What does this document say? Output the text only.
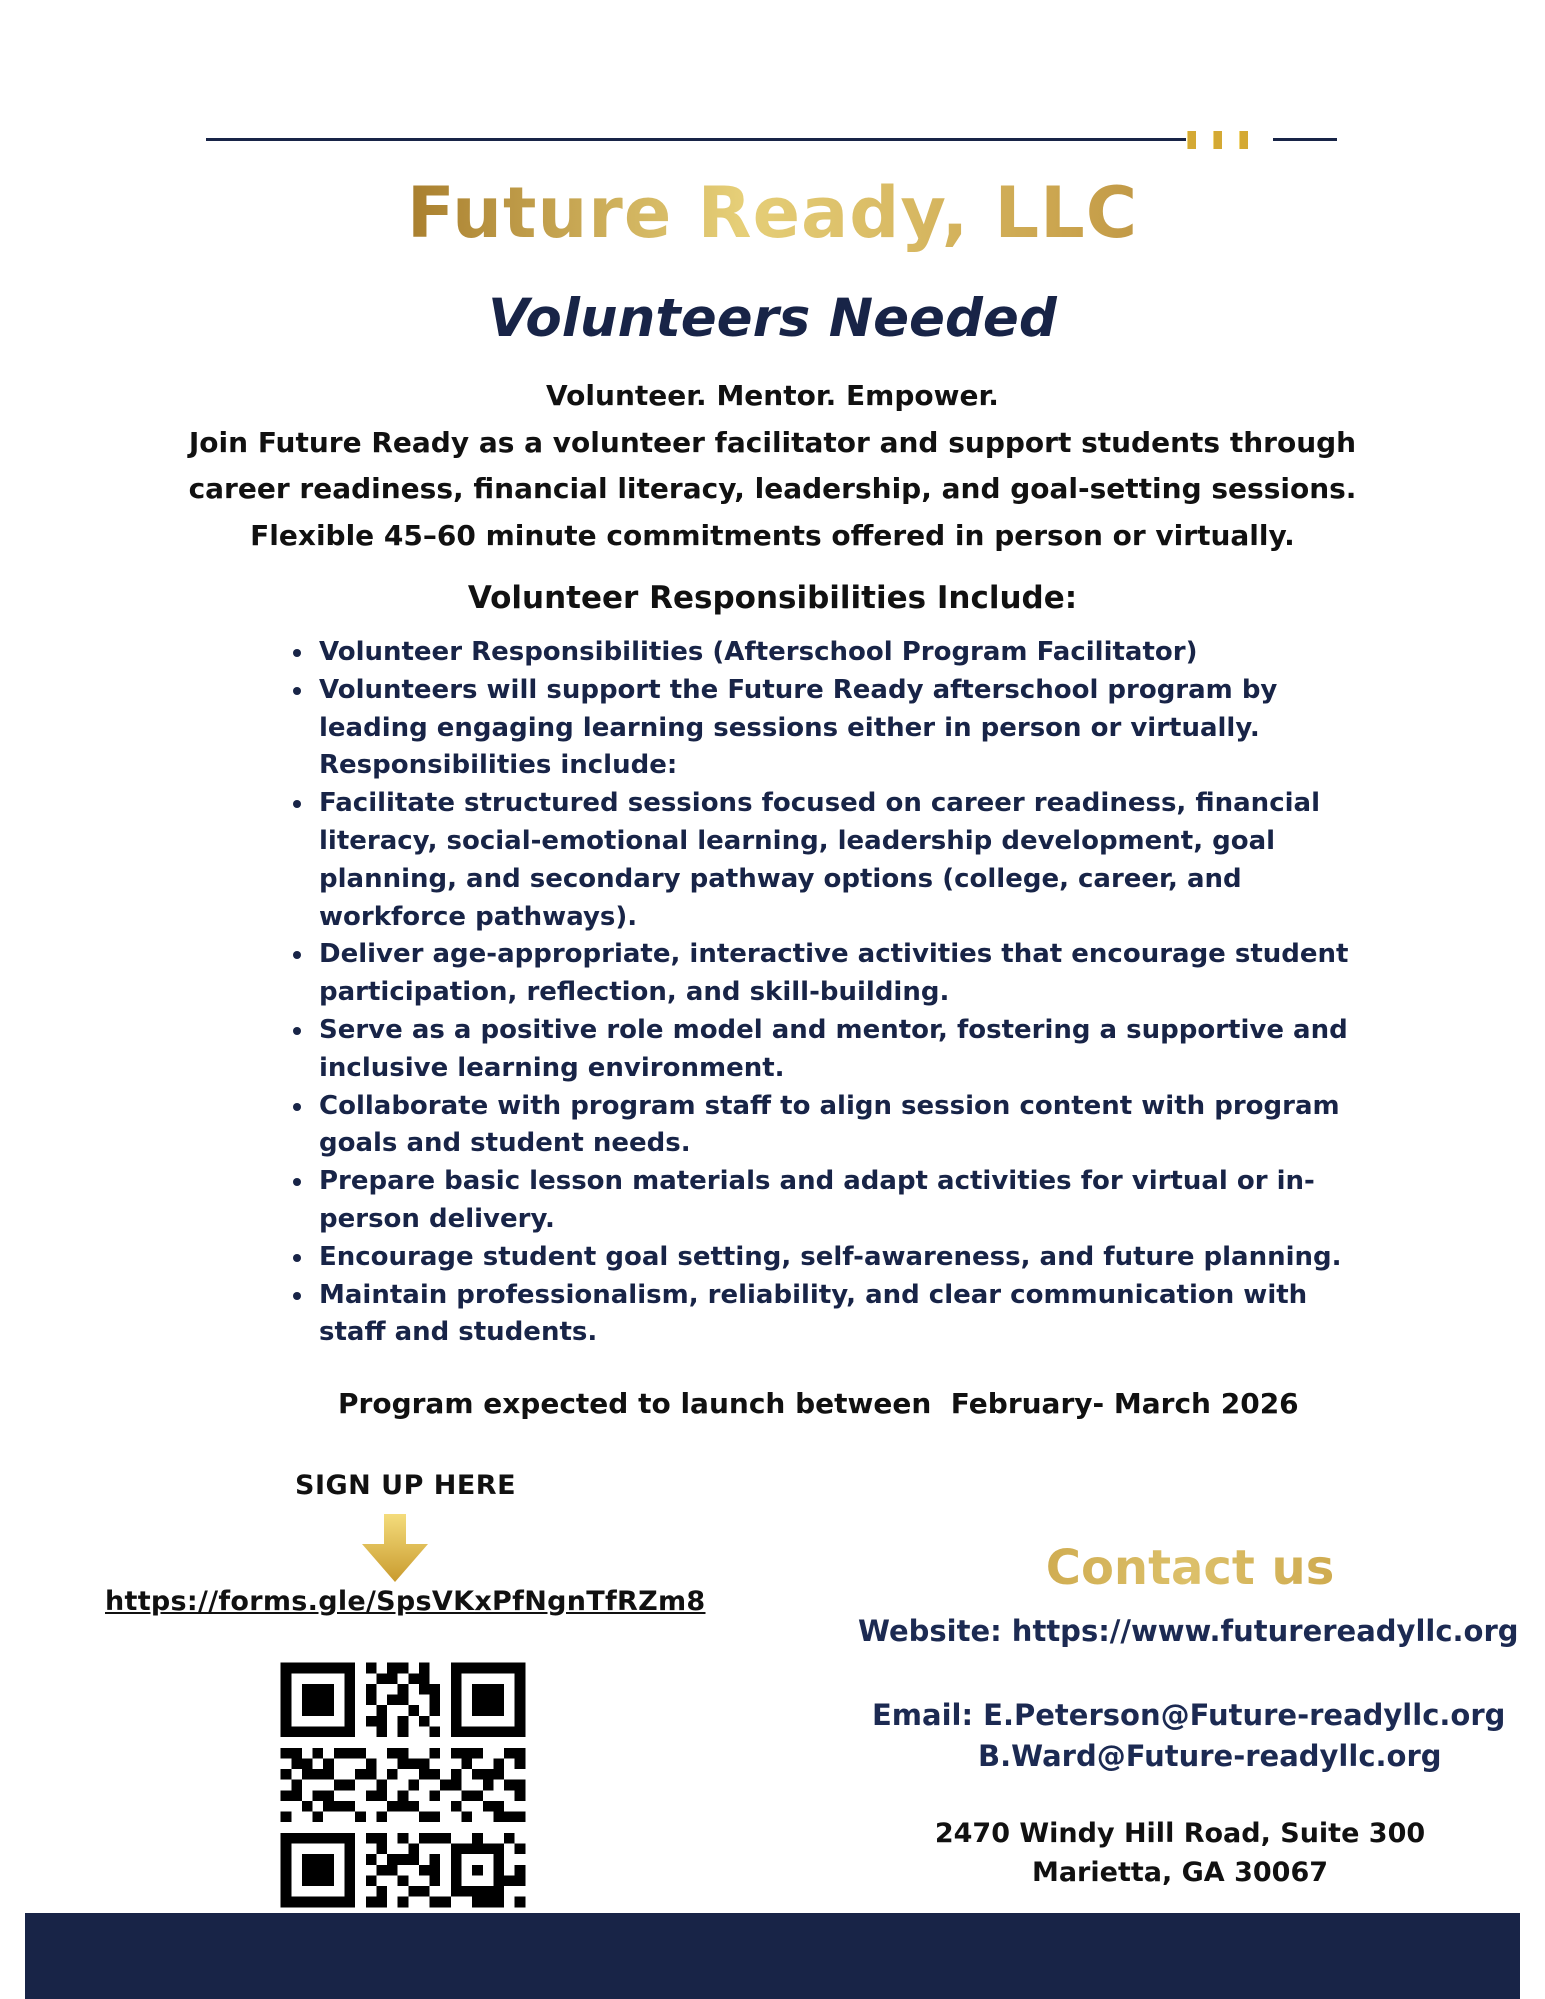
Future Ready, LLC
Volunteers Needed
Volunteer. Mentor. Empower.
Join Future Ready as a volunteer facilitator and support students through
career readiness, financial literacy, leadership, and goal-setting sessions.
Flexible 45–60 minute commitments offered in person or virtually.
Volunteer Responsibilities Include:
• Volunteer Responsibilities (Afterschool Program Facilitator)
• Volunteers will support the Future Ready afterschool program by leading engaging learning sessions either in person or virtually. Responsibilities include:
• Facilitate structured sessions focused on career readiness, financial literacy, social-emotional learning, leadership development, goal planning, and secondary pathway options (college, career, and workforce pathways).
• Deliver age-appropriate, interactive activities that encourage student participation, reflection, and skill-building.
• Serve as a positive role model and mentor, fostering a supportive and inclusive learning environment.
• Collaborate with program staff to align session content with program goals and student needs.
• Prepare basic lesson materials and adapt activities for virtual or in-person delivery.
• Encourage student goal setting, self-awareness, and future planning.
• Maintain professionalism, reliability, and clear communication with staff and students.
Program expected to launch between  February- March 2026
SIGN UP HERE
https://forms.gle/SpsVKxPfNgnTfRZm8
Contact us
Website: https://www.futurereadyllc.org
Email: E.Peterson@Future-readyllc.org
B.Ward@Future-readyllc.org
2470 Windy Hill Road, Suite 300
Marietta, GA 30067
